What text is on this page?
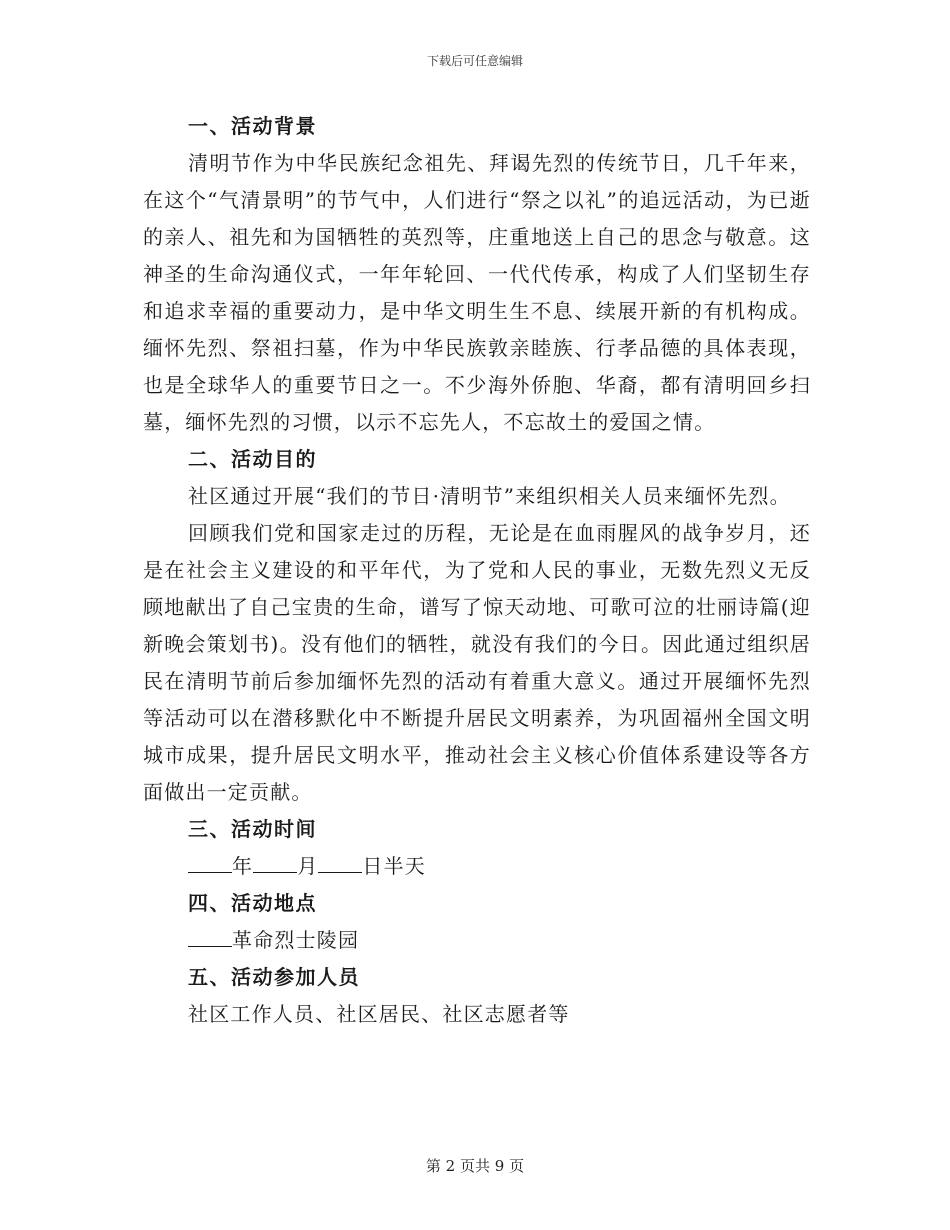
下载后可任意编辑
一、活动背景

清明节作为中华民族纪念祖先、拜谒先烈的传统节日，几千年来，在这个“气清景明”的节气中，人们进行“祭之以礼”的追远活动，为已逝的亲人、祖先和为国牺牲的英烈等，庄重地送上自己的思念与敬意。这神圣的生命沟通仪式，一年年轮回、一代代传承，构成了人们坚韧生存和追求幸福的重要动力，是中华文明生生不息、续展开新的有机构成。缅怀先烈、祭祖扫墓，作为中华民族敦亲睦族、行孝品德的具体表现，也是全球华人的重要节日之一。不少海外侨胞、华裔，都有清明回乡扫墓，缅怀先烈的习惯，以示不忘先人，不忘故土的爱国之情。

二、活动目的

社区通过开展“我们的节日·清明节”来组织相关人员来缅怀先烈。

回顾我们党和国家走过的历程，无论是在血雨腥风的战争岁月，还是在社会主义建设的和平年代，为了党和人民的事业，无数先烈义无反顾地献出了自己宝贵的生命，谱写了惊天动地、可歌可泣的壮丽诗篇(迎新晚会策划书)。没有他们的牺牲，就没有我们的今日。因此通过组织居民在清明节前后参加缅怀先烈的活动有着重大意义。通过开展缅怀先烈等活动可以在潜移默化中不断提升居民文明素养，为巩固福州全国文明城市成果，提升居民文明水平，推动社会主义核心价值体系建设等各方面做出一定贡献。

三、活动时间

年 月 日半天

四、活动地点

革命烈士陵园

五、活动参加人员

社区工作人员、社区居民、社区志愿者等

第 2 页共 9 页
